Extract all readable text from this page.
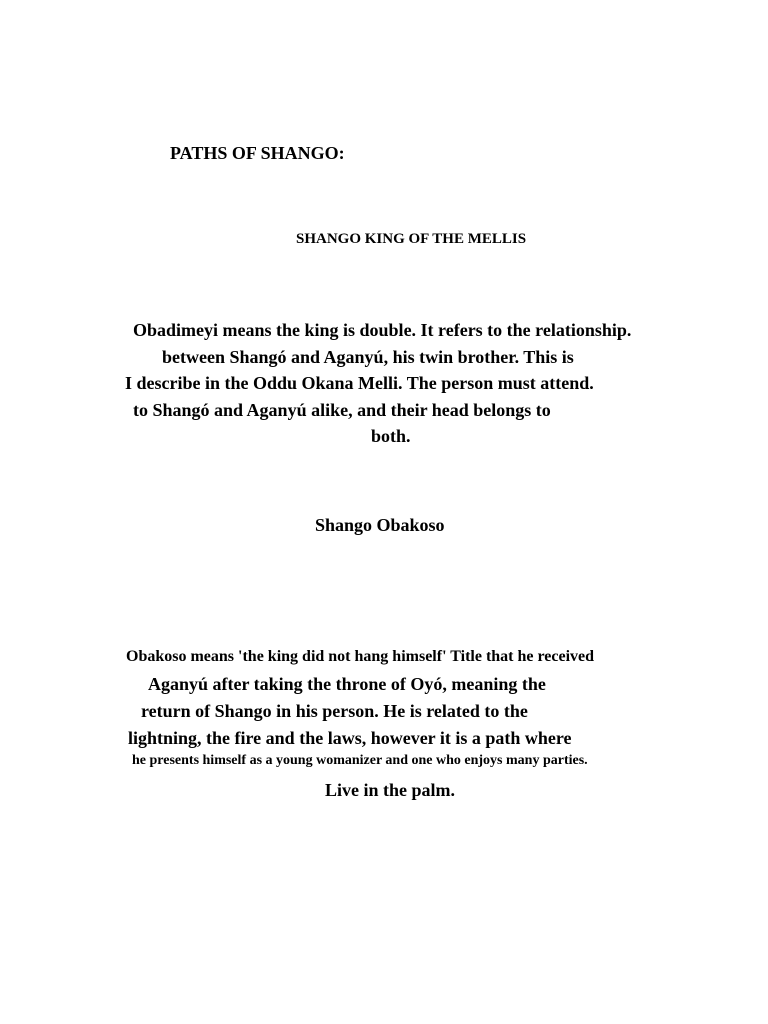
PATHS OF SHANGO:
SHANGO KING OF THE MELLIS
Obadimeyi means the king is double. It refers to the relationship.
between Shangó and Aganyú, his twin brother. This is
I describe in the Oddu Okana Melli. The person must attend.
to Shangó and Aganyú alike, and their head belongs to
both.
Shango Obakoso
Obakoso means 'the king did not hang himself' Title that he received
Aganyú after taking the throne of Oyó, meaning the
return of Shango in his person. He is related to the
lightning, the fire and the laws, however it is a path where
he presents himself as a young womanizer and one who enjoys many parties.
Live in the palm.
